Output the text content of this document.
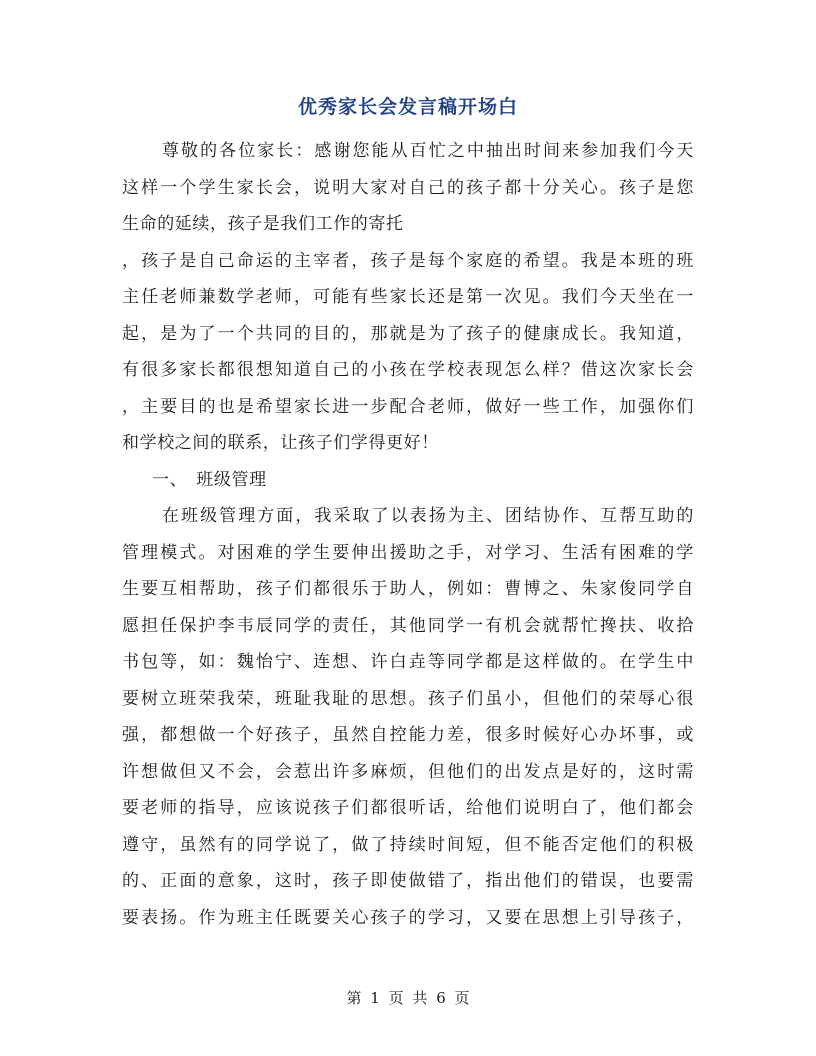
优秀家长会发言稿开场白
尊敬的各位家长：感谢您能从百忙之中抽出时间来参加我们今天
这样一个学生家长会，说明大家对自己的孩子都十分关心。孩子是您
生命的延续，孩子是我们工作的寄托
，孩子是自己命运的主宰者，孩子是每个家庭的希望。我是本班的班
主任老师兼数学老师，可能有些家长还是第一次见。我们今天坐在一
起，是为了一个共同的目的，那就是为了孩子的健康成长。我知道，
有很多家长都很想知道自己的小孩在学校表现怎么样？借这次家长会
，主要目的也是希望家长进一步配合老师，做好一些工作，加强你们
和学校之间的联系，让孩子们学得更好！
一、　班级管理
在班级管理方面，我采取了以表扬为主、团结协作、互帮互助的
管理模式。对困难的学生要伸出援助之手，对学习、生活有困难的学
生要互相帮助，孩子们都很乐于助人，例如：曹博之、朱家俊同学自
愿担任保护李韦辰同学的责任，其他同学一有机会就帮忙搀扶、收拾
书包等，如：魏怡宁、连想、许白垚等同学都是这样做的。在学生中
要树立班荣我荣，班耻我耻的思想。孩子们虽小，但他们的荣辱心很
强，都想做一个好孩子，虽然自控能力差，很多时候好心办坏事，或
许想做但又不会，会惹出许多麻烦，但他们的出发点是好的，这时需
要老师的指导，应该说孩子们都很听话，给他们说明白了，他们都会
遵守，虽然有的同学说了，做了持续时间短，但不能否定他们的积极
的、正面的意象，这时，孩子即使做错了，指出他们的错误，也要需
要表扬。作为班主任既要关心孩子的学习，又要在思想上引导孩子，
第 1 页 共 6 页
